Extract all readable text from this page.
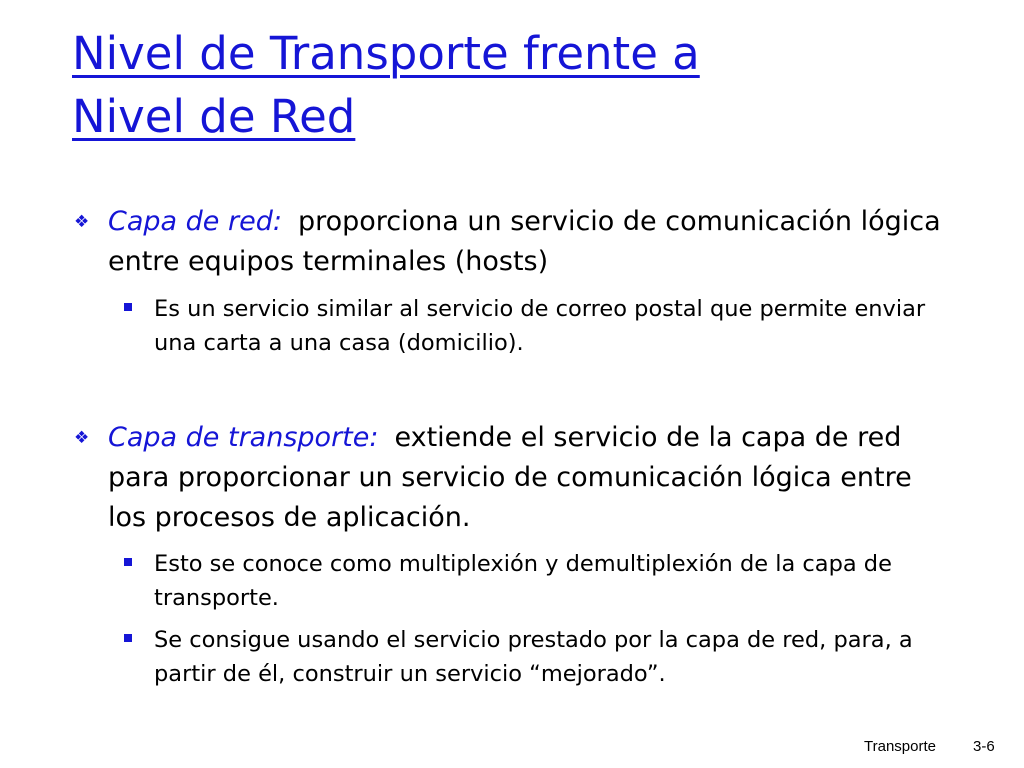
Nivel de Transporte frente a
Nivel de Red
❖ Capa de red: proporciona un servicio de comunicación lógica entre equipos terminales (hosts)

Es un servicio similar al servicio de correo postal que permite enviar una carta a una casa (domicilio).

❖ Capa de transporte: extiende el servicio de la capa de red para proporcionar un servicio de comunicación lógica entre los procesos de aplicación.

Esto se conoce como multiplexión y demultiplexión de la capa de transporte.

Se consigue usando el servicio prestado por la capa de red, para, a partir de él, construir un servicio “mejorado”.

Transporte 3-6
